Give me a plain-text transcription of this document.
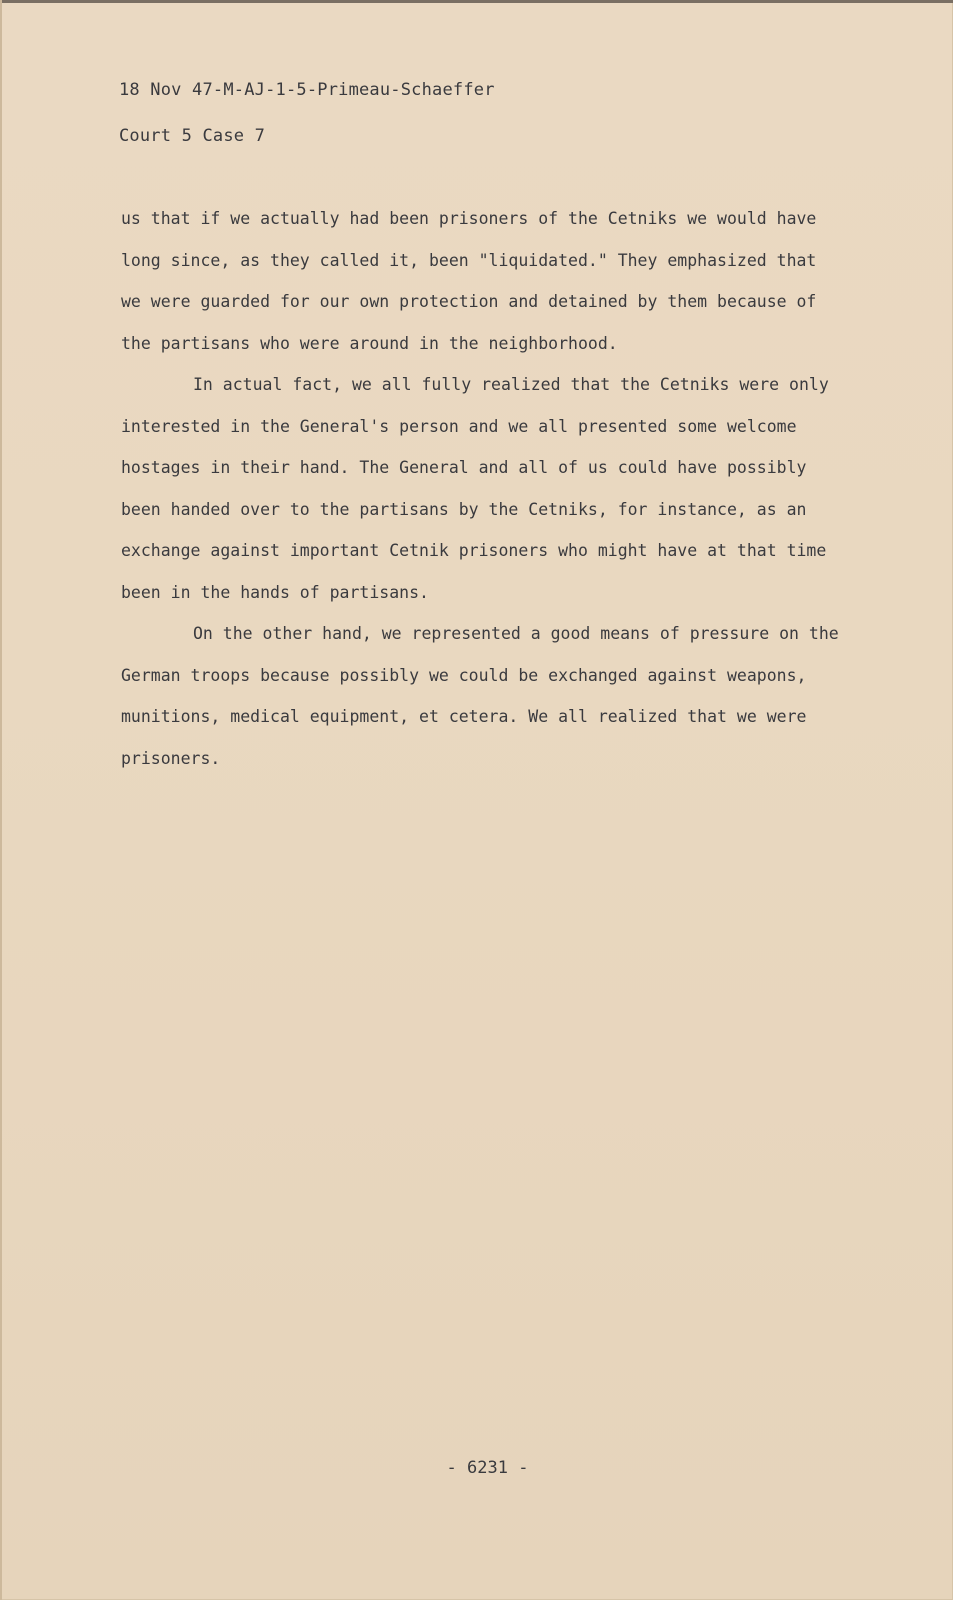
18 Nov 47-M-AJ-1-5-Primeau-Schaeffer
Court 5 Case 7
us that if we actually had been prisoners of the Cetniks we would have
long since, as they called it, been "liquidated." They emphasized that
we were guarded for our own protection and detained by them because of
the partisans who were around in the neighborhood.
In actual fact, we all fully realized that the Cetniks were only
interested in the General's person and we all presented some welcome
hostages in their hand. The General and all of us could have possibly
been handed over to the partisans by the Cetniks, for instance, as an
exchange against important Cetnik prisoners who might have at that time
been in the hands of partisans.
On the other hand, we represented a good means of pressure on the
German troops because possibly we could be exchanged against weapons,
munitions, medical equipment, et cetera. We all realized that we were
prisoners.
- 6231 -
